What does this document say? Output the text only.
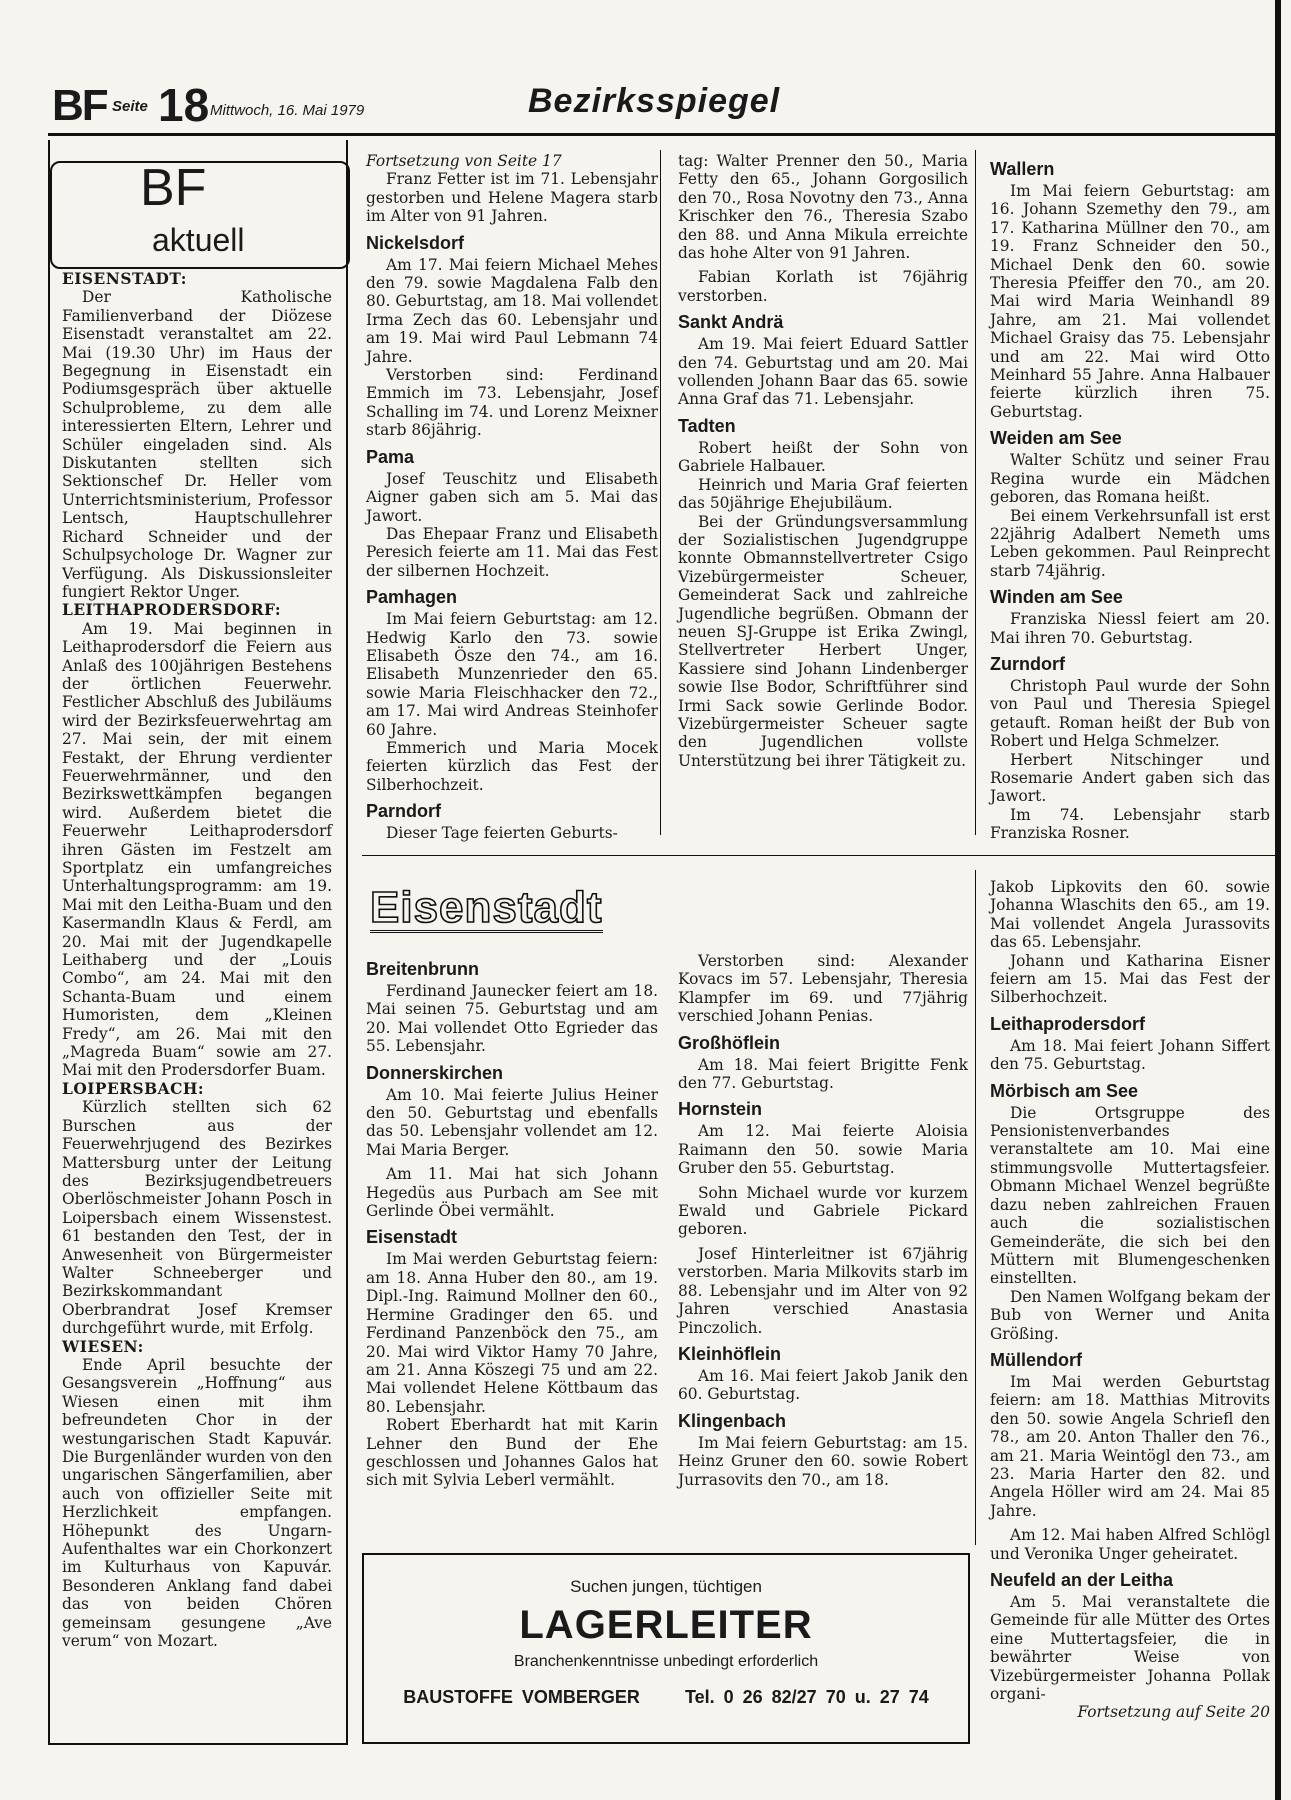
BF Seite 18 Mittwoch, 16. Mai 1979	Bezirksspiegel
BF
aktuell

EISENSTADT:

Der Katholische Familienverband der Diözese Eisenstadt veranstaltet am 22. Mai (19.30 Uhr) im Haus der Begegnung in Eisenstadt ein Podiumsgespräch über aktuelle Schulprobleme, zu dem alle interessierten Eltern, Lehrer und Schüler eingeladen sind. Als Diskutanten stellten sich Sektionschef Dr. Heller vom Unterrichtsministerium, Professor Lentsch, Hauptschullehrer Richard Schneider und der Schulpsychologe Dr. Wagner zur Verfügung. Als Diskussionsleiter fungiert Rektor Unger.

LEITHAPRODERSDORF:

Am 19. Mai beginnen in Leithaprodersdorf die Feiern aus Anlaß des 100jährigen Bestehens der örtlichen Feuerwehr. Festlicher Abschluß des Jubiläums wird der Bezirksfeuerwehrtag am 27. Mai sein, der mit einem Festakt, der Ehrung verdienter Feuerwehrmänner, und den Bezirkswettkämpfen begangen wird. Außerdem bietet die Feuerwehr Leithaprodersdorf ihren Gästen im Festzelt am Sportplatz ein umfangreiches Unterhaltungsprogramm: am 19. Mai mit den Leitha-Buam und den Kasermandln Klaus & Ferdl, am 20. Mai mit der Jugendkapelle Leithaberg und der „Louis Combo“, am 24. Mai mit den Schanta-Buam und einem Humoristen, dem „Kleinen Fredy“, am 26. Mai mit den „Magreda Buam“ sowie am 27. Mai mit den Prodersdorfer Buam.

LOIPERSBACH:

Kürzlich stellten sich 62 Burschen aus der Feuerwehrjugend des Bezirkes Mattersburg unter der Leitung des Bezirksjugendbetreuers Oberlöschmeister Johann Posch in Loipersbach einem Wissenstest. 61 bestanden den Test, der in Anwesenheit von Bürgermeister Walter Schneeberger und Bezirkskommandant Oberbrandrat Josef Kremser durchgeführt wurde, mit Erfolg.

WIESEN:

Ende April besuchte der Gesangsverein „Hoffnung“ aus Wiesen einen mit ihm befreundeten Chor in der westungarischen Stadt Kapuvár. Die Burgenländer wurden von den ungarischen Sängerfamilien, aber auch von offizieller Seite mit Herzlichkeit empfangen. Höhepunkt des Ungarn-Aufenthaltes war ein Chorkonzert im Kulturhaus von Kapuvár. Besonderen Anklang fand dabei das von beiden Chören gemeinsam gesungene „Ave verum“ von Mozart.

Fortsetzung von Seite 17

Franz Fetter ist im 71. Lebensjahr gestorben und Helene Magera starb im Alter von 91 Jahren.

Nickelsdorf

Am 17. Mai feiern Michael Mehes den 79. sowie Magdalena Falb den 80. Geburtstag, am 18. Mai vollendet Irma Zech das 60. Lebensjahr und am 19. Mai wird Paul Lebmann 74 Jahre.

Verstorben sind: Ferdinand Emmich im 73. Lebensjahr, Josef Schalling im 74. und Lorenz Meixner starb 86jährig.

Pama

Josef Teuschitz und Elisabeth Aigner gaben sich am 5. Mai das Jawort.

Das Ehepaar Franz und Elisabeth Peresich feierte am 11. Mai das Fest der silbernen Hochzeit.

Pamhagen

Im Mai feiern Geburtstag: am 12. Hedwig Karlo den 73. sowie Elisabeth Ösze den 74., am 16. Elisabeth Munzenrieder den 65. sowie Maria Fleischhacker den 72., am 17. Mai wird Andreas Steinhofer 60 Jahre.

Emmerich und Maria Mocek feierten kürzlich das Fest der Silberhochzeit.

Parndorf

Dieser Tage feierten Geburts-

tag: Walter Prenner den 50., Maria Fetty den 65., Johann Gorgosilich den 70., Rosa Novotny den 73., Anna Krischker den 76., Theresia Szabo den 88. und Anna Mikula erreichte das hohe Alter von 91 Jahren.

Fabian Korlath ist 76jährig verstorben.

Sankt Andrä

Am 19. Mai feiert Eduard Sattler den 74. Geburtstag und am 20. Mai vollenden Johann Baar das 65. sowie Anna Graf das 71. Lebensjahr.

Tadten

Robert heißt der Sohn von Gabriele Halbauer.

Heinrich und Maria Graf feierten das 50jährige Ehejubiläum.

Bei der Gründungsversammlung der Sozialistischen Jugendgruppe konnte Obmannstellvertreter Csigo Vizebürgermeister Scheuer, Gemeinderat Sack und zahlreiche Jugendliche begrüßen. Obmann der neuen SJ-Gruppe ist Erika Zwingl, Stellvertreter Herbert Unger, Kassiere sind Johann Lindenberger sowie Ilse Bodor, Schriftführer sind Irmi Sack sowie Gerlinde Bodor. Vizebürgermeister Scheuer sagte den Jugendlichen vollste Unterstützung bei ihrer Tätigkeit zu.

Wallern

Im Mai feiern Geburtstag: am 16. Johann Szemethy den 79., am 17. Katharina Müllner den 70., am 19. Franz Schneider den 50., Michael Denk den 60. sowie Theresia Pfeiffer den 70., am 20. Mai wird Maria Weinhandl 89 Jahre, am 21. Mai vollendet Michael Graisy das 75. Lebensjahr und am 22. Mai wird Otto Meinhard 55 Jahre. Anna Halbauer feierte kürzlich ihren 75. Geburtstag.

Weiden am See

Walter Schütz und seiner Frau Regina wurde ein Mädchen geboren, das Romana heißt.

Bei einem Verkehrsunfall ist erst 22jährig Adalbert Nemeth ums Leben gekommen. Paul Reinprecht starb 74jährig.

Winden am See

Franziska Niessl feiert am 20. Mai ihren 70. Geburtstag.

Zurndorf

Christoph Paul wurde der Sohn von Paul und Theresia Spiegel getauft. Roman heißt der Bub von Robert und Helga Schmelzer.

Herbert Nitschinger und Rosemarie Andert gaben sich das Jawort.

Im 74. Lebensjahr starb Franziska Rosner.

Eisenstadt

Breitenbrunn

Ferdinand Jaunecker feiert am 18. Mai seinen 75. Geburtstag und am 20. Mai vollendet Otto Egrieder das 55. Lebensjahr.

Donnerskirchen

Am 10. Mai feierte Julius Heiner den 50. Geburtstag und ebenfalls das 50. Lebensjahr vollendet am 12. Mai Maria Berger.

Am 11. Mai hat sich Johann Hegedüs aus Purbach am See mit Gerlinde Öbei vermählt.

Eisenstadt

Im Mai werden Geburtstag feiern: am 18. Anna Huber den 80., am 19. Dipl.-Ing. Raimund Mollner den 60., Hermine Gradinger den 65. und Ferdinand Panzenböck den 75., am 20. Mai wird Viktor Hamy 70 Jahre, am 21. Anna Köszegi 75 und am 22. Mai vollendet Helene Köttbaum das 80. Lebensjahr.

Robert Eberhardt hat mit Karin Lehner den Bund der Ehe geschlossen und Johannes Galos hat sich mit Sylvia Leberl vermählt.

Verstorben sind: Alexander Kovacs im 57. Lebensjahr, Theresia Klampfer im 69. und 77jährig verschied Johann Penias.

Großhöflein

Am 18. Mai feiert Brigitte Fenk den 77. Geburtstag.

Hornstein

Am 12. Mai feierte Aloisia Raimann den 50. sowie Maria Gruber den 55. Geburtstag.

Sohn Michael wurde vor kurzem Ewald und Gabriele Pickard geboren.

Josef Hinterleitner ist 67jährig verstorben. Maria Milkovits starb im 88. Lebensjahr und im Alter von 92 Jahren verschied Anastasia Pinczolich.

Kleinhöflein

Am 16. Mai feiert Jakob Janik den 60. Geburtstag.

Klingenbach

Im Mai feiern Geburtstag: am 15. Heinz Gruner den 60. sowie Robert Jurrasovits den 70., am 18.

Jakob Lipkovits den 60. sowie Johanna Wlaschits den 65., am 19. Mai vollendet Angela Jurassovits das 65. Lebensjahr.

Johann und Katharina Eisner feiern am 15. Mai das Fest der Silberhochzeit.

Leithaprodersdorf

Am 18. Mai feiert Johann Siffert den 75. Geburtstag.

Mörbisch am See

Die Ortsgruppe des Pensionistenverbandes veranstaltete am 10. Mai eine stimmungsvolle Muttertagsfeier. Obmann Michael Wenzel begrüßte dazu neben zahlreichen Frauen auch die sozialistischen Gemeinderäte, die sich bei den Müttern mit Blumengeschenken einstellten.

Den Namen Wolfgang bekam der Bub von Werner und Anita Größing.

Müllendorf

Im Mai werden Geburtstag feiern: am 18. Matthias Mitrovits den 50. sowie Angela Schriefl den 78., am 20. Anton Thaller den 76., am 21. Maria Weintögl den 73., am 23. Maria Harter den 82. und Angela Höller wird am 24. Mai 85 Jahre.

Am 12. Mai haben Alfred Schlögl und Veronika Unger geheiratet.

Neufeld an der Leitha

Am 5. Mai veranstaltete die Gemeinde für alle Mütter des Ortes eine Muttertagsfeier, die in bewährter Weise von Vizebürgermeister Johanna Pollak organi-

Fortsetzung auf Seite 20

Suchen jungen, tüchtigen
LAGERLEITER
Branchenkenntnisse unbedingt erforderlich
BAUSTOFFE VOMBERGER	Tel. 0 26 82/27 70 u. 27 74
